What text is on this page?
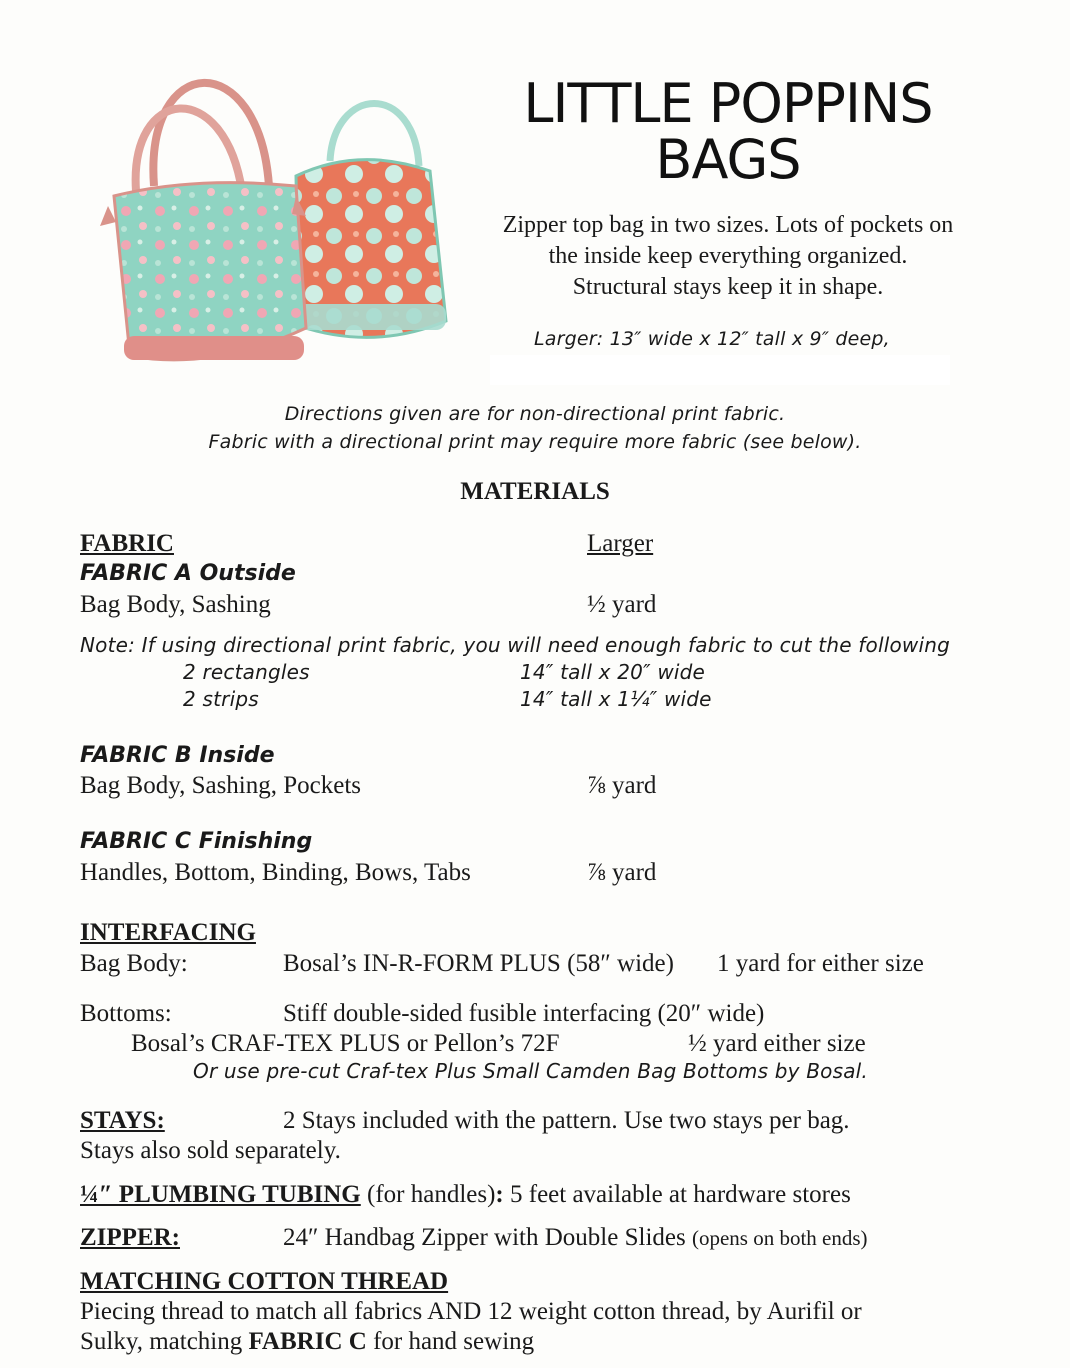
LITTLE POPPINS
BAGS
Zipper top bag in two sizes. Lots of pockets on
the inside keep everything organized.
Structural stays keep it in shape.
Larger: 13″ wide x 12″ tall x 9″ deep,
Directions given are for non-directional print fabric.
Fabric with a directional print may require more fabric (see below).
MATERIALS
FABRIC	Larger
FABRIC A Outside
Bag Body, Sashing	½ yard
Note: If using directional print fabric, you will need enough fabric to cut the following
2 rectangles	14″ tall x 20″ wide
2 strips	14″ tall x 1¼″ wide
FABRIC B Inside
Bag Body, Sashing, Pockets	⅞ yard
FABRIC C Finishing
Handles, Bottom, Binding, Bows, Tabs	⅞ yard
INTERFACING
Bag Body:	Bosal’s IN-R-FORM PLUS (58″ wide) 1 yard for either size
Bottoms:	Stiff double-sided fusible interfacing (20″ wide)
Bosal’s CRAF-TEX PLUS or Pellon’s 72F	½ yard either size
Or use pre-cut Craf-tex Plus Small Camden Bag Bottoms by Bosal.
STAYS:	2 Stays included with the pattern. Use two stays per bag.
Stays also sold separately.
¼″ PLUMBING TUBING (for handles): 5 feet available at hardware stores
ZIPPER:	24″ Handbag Zipper with Double Slides (opens on both ends)
MATCHING COTTON THREAD
Piecing thread to match all fabrics AND 12 weight cotton thread, by Aurifil or
Sulky, matching FABRIC C for hand sewing
